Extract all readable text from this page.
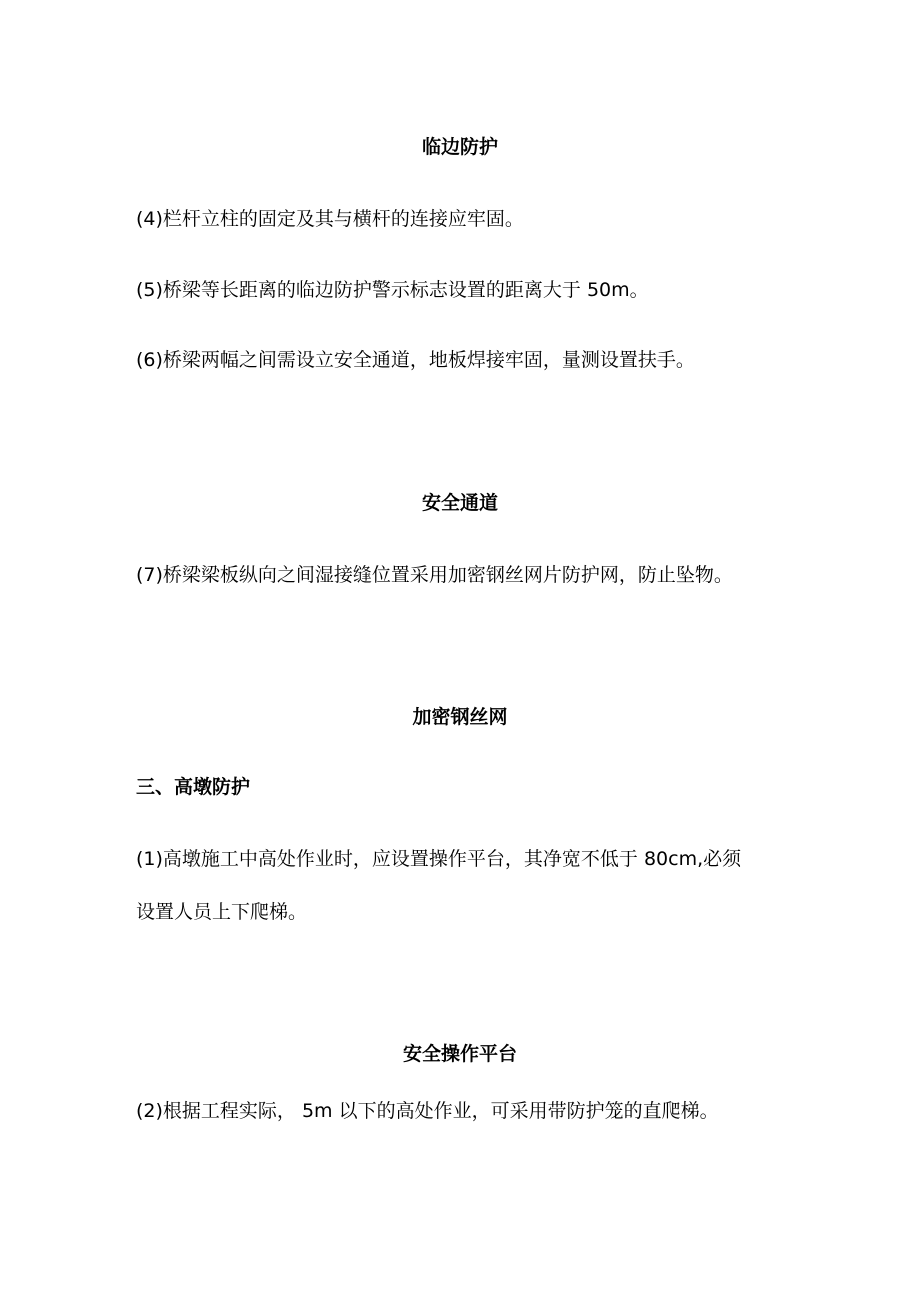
临边防护
(4)栏杆立柱的固定及其与横杆的连接应牢固。
(5)桥梁等长距离的临边防护警示标志设置的距离大于 50m。
(6)桥梁两幅之间需设立安全通道，地板焊接牢固，量测设置扶手。
安全通道
(7)桥梁梁板纵向之间湿接缝位置采用加密钢丝网片防护网，防止坠物。
加密钢丝网
三、高墩防护
(1)高墩施工中高处作业时，应设置操作平台，其净宽不低于 80cm,必须
设置人员上下爬梯。
安全操作平台
(2)根据工程实际， 5m 以下的高处作业，可采用带防护笼的直爬梯。
